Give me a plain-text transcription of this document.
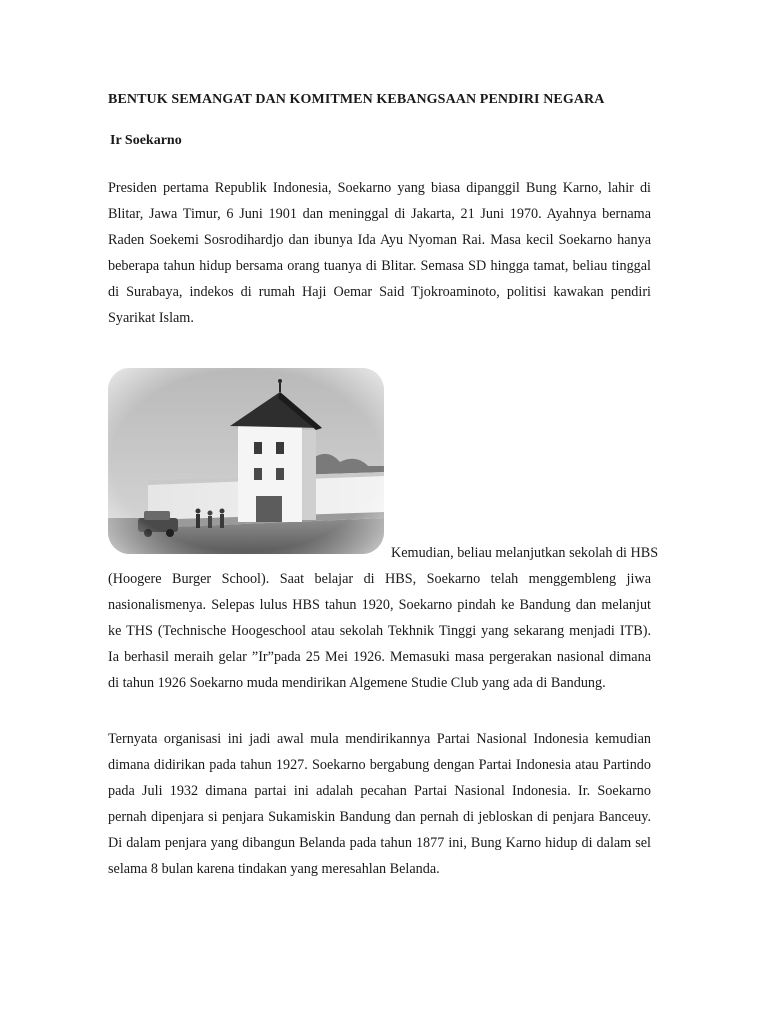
BENTUK SEMANGAT DAN KOMITMEN KEBANGSAAN PENDIRI NEGARA
Ir Soekarno
Presiden pertama Republik Indonesia, Soekarno yang biasa dipanggil Bung Karno, lahir di
Blitar, Jawa Timur, 6 Juni 1901 dan meninggal di Jakarta, 21 Juni 1970. Ayahnya bernama
Raden Soekemi Sosrodihardjo dan ibunya Ida Ayu Nyoman Rai. Masa kecil Soekarno hanya
beberapa tahun hidup bersama orang tuanya di Blitar. Semasa SD hingga tamat, beliau tinggal
di Surabaya, indekos di rumah Haji Oemar Said Tjokroaminoto, politisi kawakan pendiri
Syarikat Islam.
Kemudian, beliau melanjutkan sekolah di HBS
(Hoogere Burger School). Saat belajar di HBS, Soekarno telah menggembleng jiwa
nasionalismenya. Selepas lulus HBS tahun 1920, Soekarno pindah ke Bandung dan melanjut
ke THS (Technische Hoogeschool atau sekolah Tekhnik Tinggi yang sekarang menjadi ITB).
Ia berhasil meraih gelar ”Ir”pada 25 Mei 1926. Memasuki masa pergerakan nasional dimana
di tahun 1926 Soekarno muda mendirikan Algemene Studie Club yang ada di Bandung.
Ternyata organisasi ini jadi awal mula mendirikannya Partai Nasional Indonesia kemudian
dimana didirikan pada tahun 1927. Soekarno bergabung dengan Partai Indonesia atau Partindo
pada Juli 1932 dimana partai ini adalah pecahan Partai Nasional Indonesia. Ir. Soekarno
pernah dipenjara si penjara Sukamiskin Bandung dan pernah di jebloskan di penjara Banceuy.
Di dalam penjara yang dibangun Belanda pada tahun 1877 ini, Bung Karno hidup di dalam sel
selama 8 bulan karena tindakan yang meresahlan Belanda.
